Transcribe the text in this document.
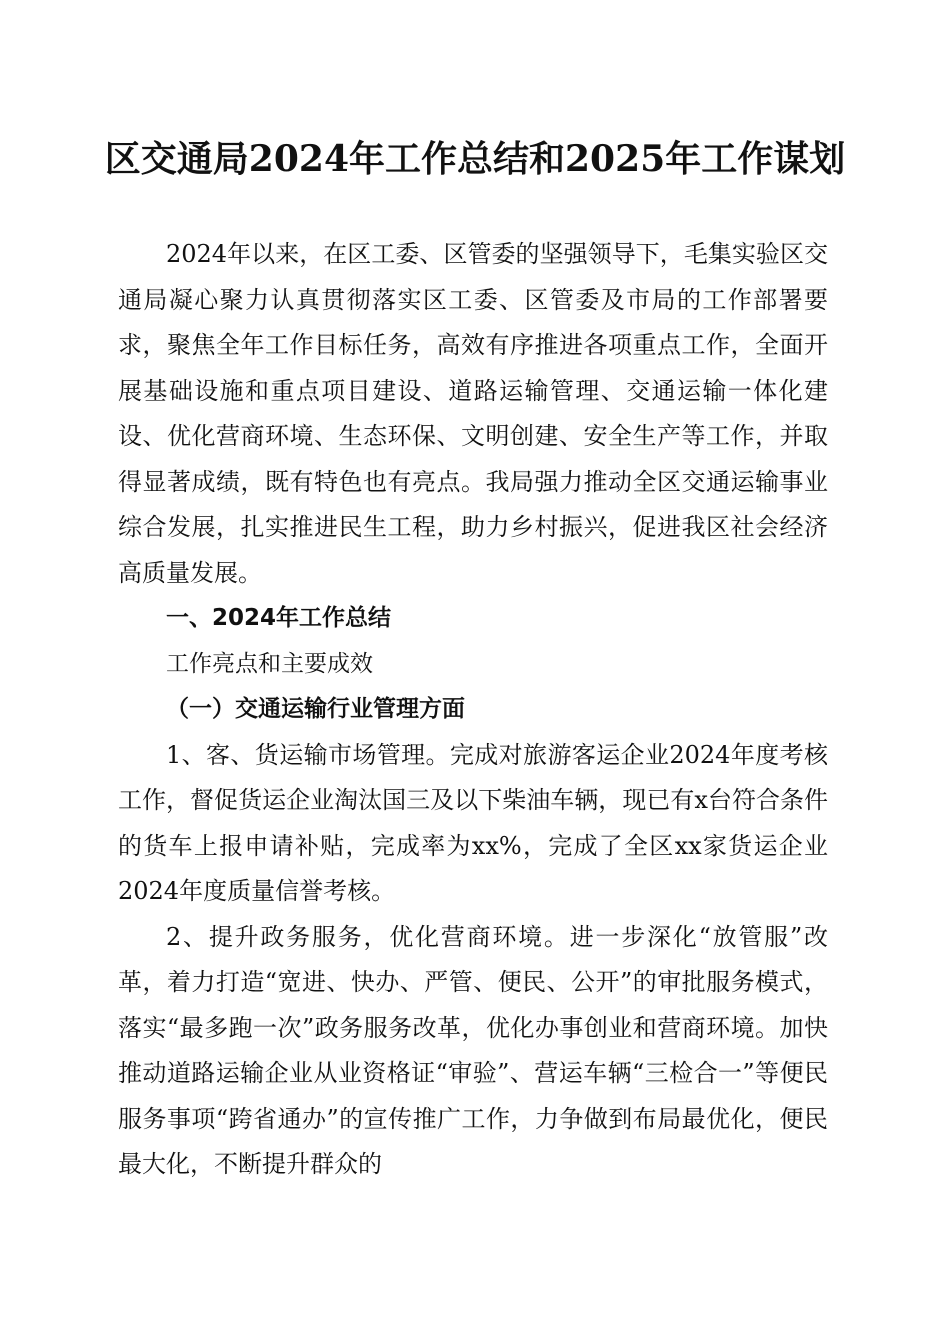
区交通局2024年工作总结和2025年工作谋划

2024年以来，在区工委、区管委的坚强领导下，毛集实验区交通局凝心聚力认真贯彻落实区工委、区管委及市局的工作部署要求，聚焦全年工作目标任务，高效有序推进各项重点工作，全面开展基础设施和重点项目建设、道路运输管理、交通运输一体化建设、优化营商环境、生态环保、文明创建、安全生产等工作，并取得显著成绩，既有特色也有亮点。我局强力推动全区交通运输事业综合发展，扎实推进民生工程，助力乡村振兴，促进我区社会经济高质量发展。

一、2024年工作总结

工作亮点和主要成效

（一）交通运输行业管理方面

1、客、货运输市场管理。完成对旅游客运企业2024年度考核工作，督促货运企业淘汰国三及以下柴油车辆，现已有x台符合条件的货车上报申请补贴，完成率为xx%，完成了全区xx家货运企业2024年度质量信誉考核。

2、提升政务服务，优化营商环境。进一步深化“放管服”改革，着力打造“宽进、快办、严管、便民、公开”的审批服务模式，落实“最多跑一次”政务服务改革，优化办事创业和营商环境。加快推动道路运输企业从业资格证“审验”、营运车辆“三检合一”等便民服务事项“跨省通办”的宣传推广工作，力争做到布局最优化，便民最大化，不断提升群众的
